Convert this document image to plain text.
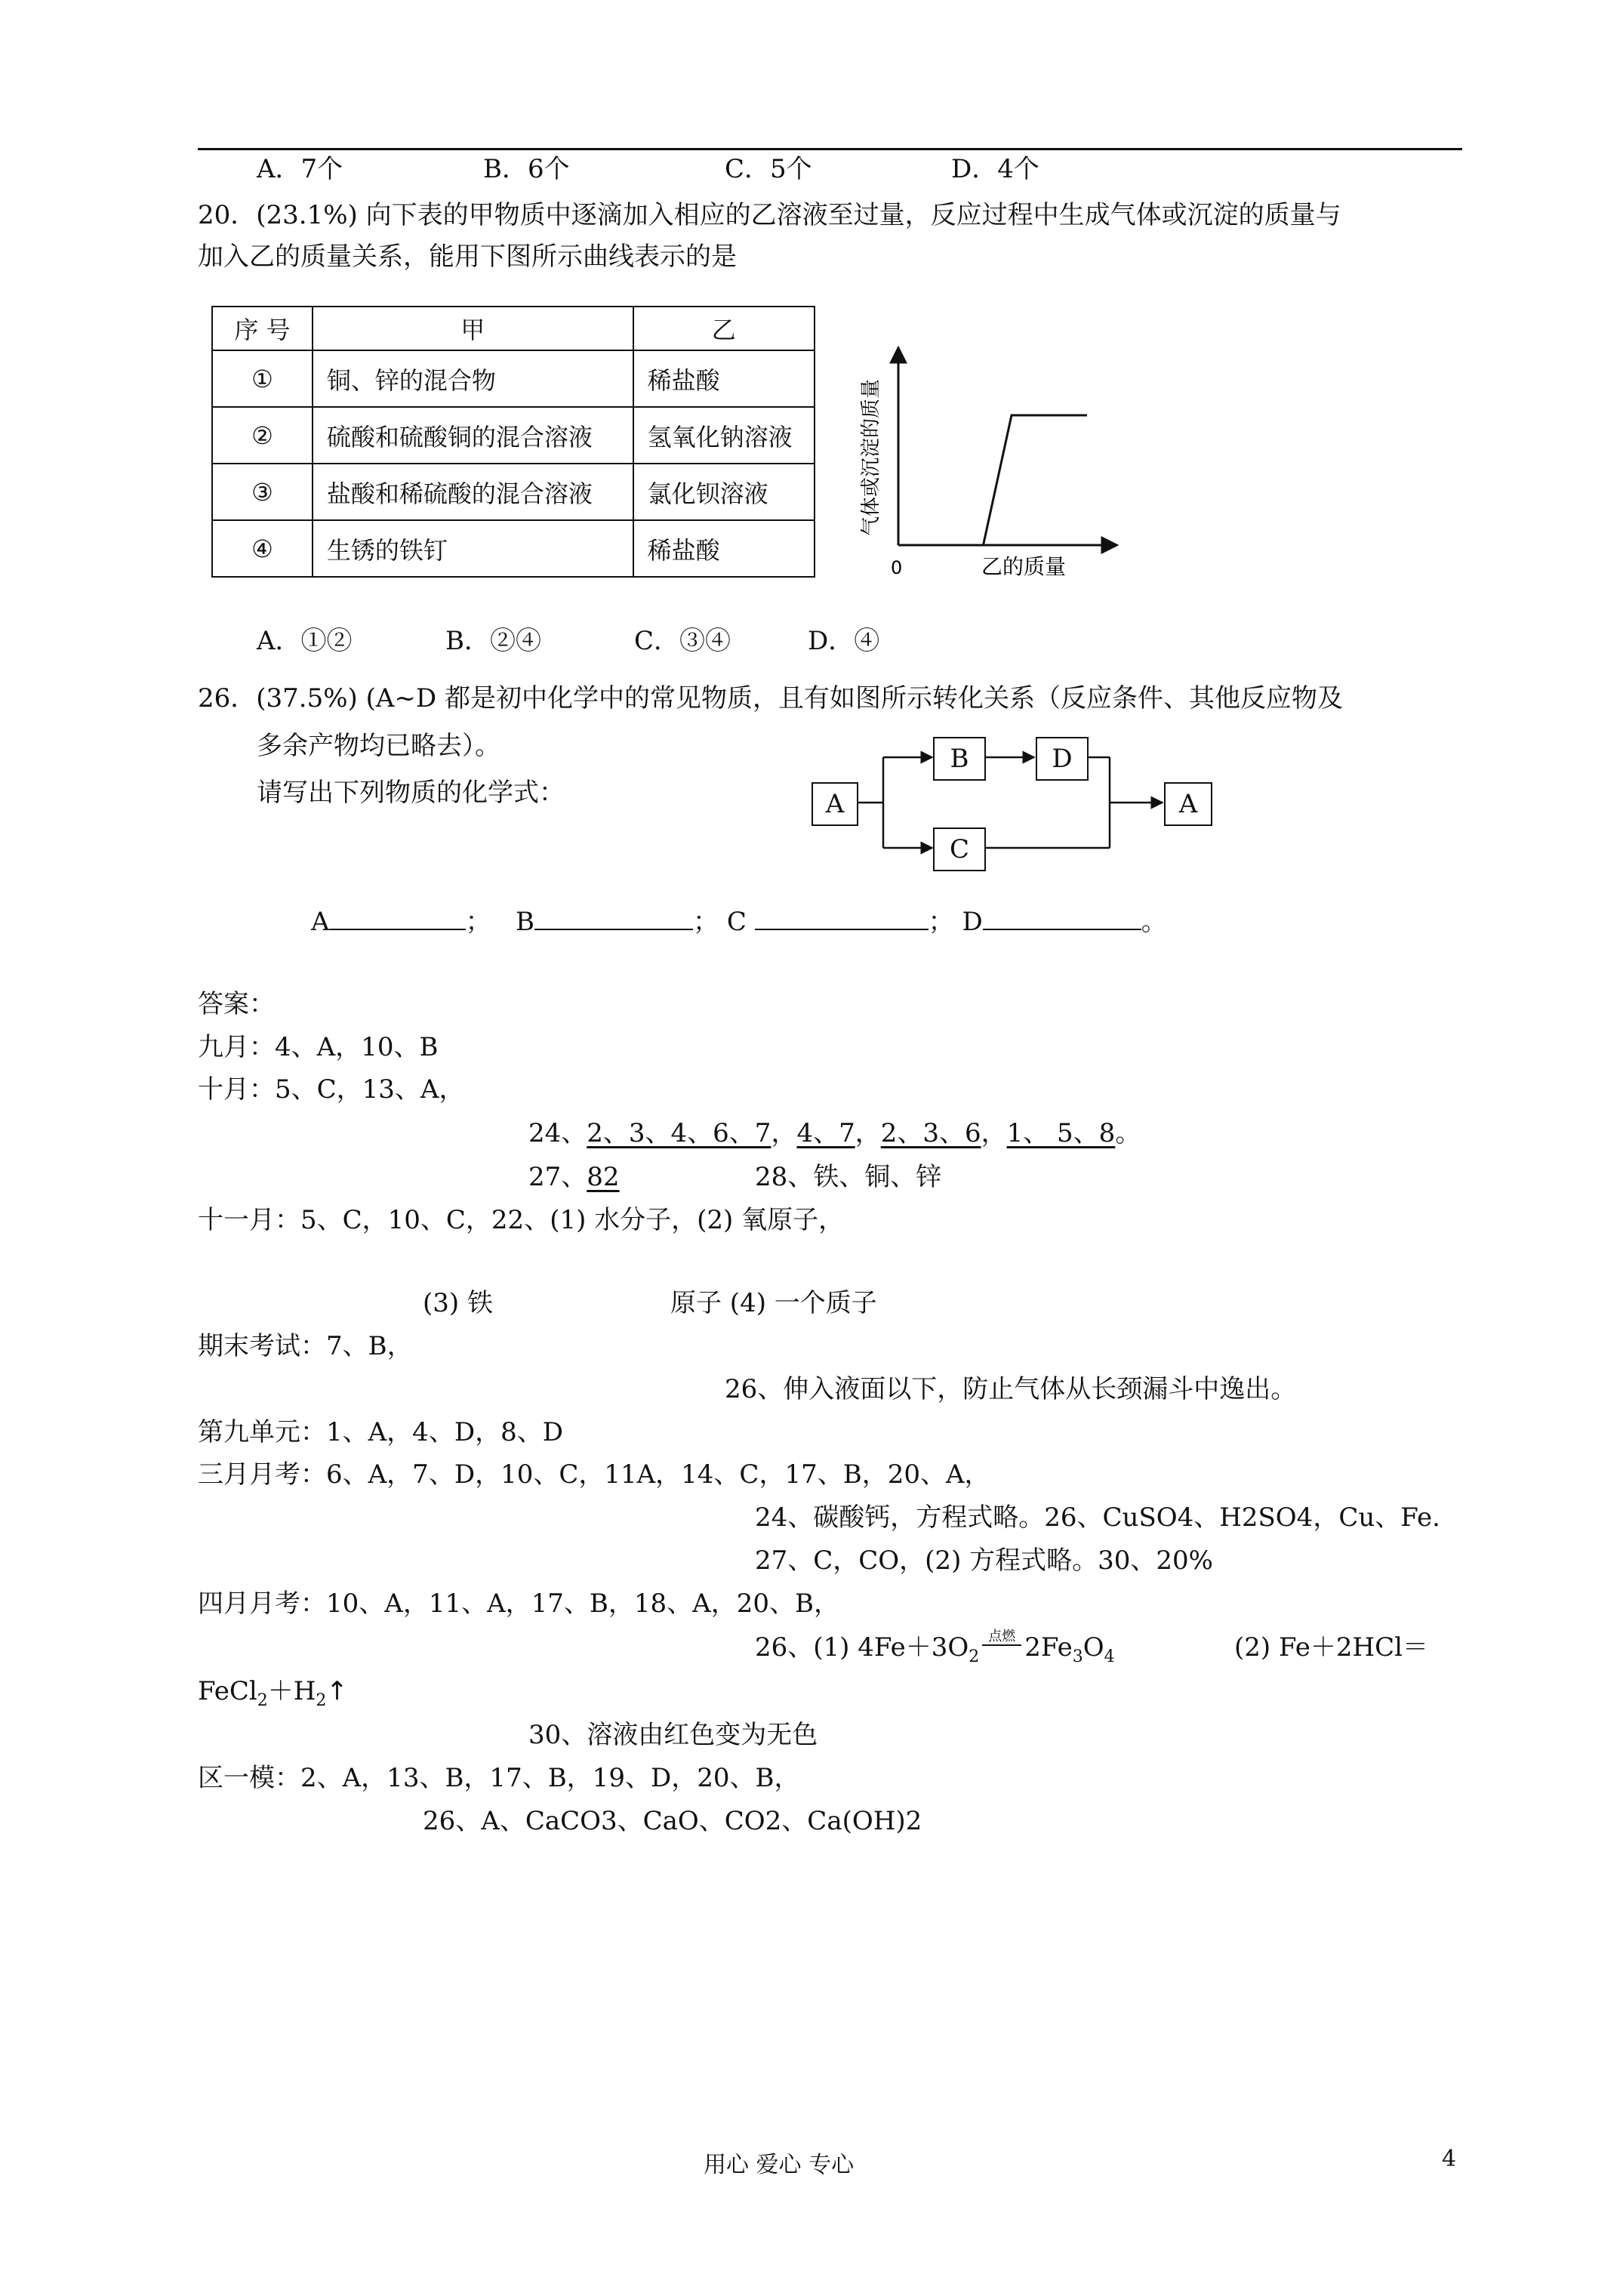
A．7个	B．6个	C．5个	D．4个
20．(23.1%) 向下表的甲物质中逐滴加入相应的乙溶液至过量，反应过程中生成气体或沉淀的质量与
加入乙的质量关系，能用下图所示曲线表示的是
序 号	甲	乙
①	铜、锌的混合物	稀盐酸
②	硫酸和硫酸铜的混合溶液	氢氧化钠溶液
③	盐酸和稀硫酸的混合溶液	氯化钡溶液
④	生锈的铁钉	稀盐酸
0	乙的质量
气体或沉淀的质量
A．①②	B．②④	C．③④	D．④
26．(37.5%) (A~D 都是初中化学中的常见物质，且有如图所示转化关系（反应条件、其他反应物及
多余产物均已略去）。
请写出下列物质的化学式：	A
B	D
C
A
A	； B	； C	； D	。
答案：
九月：4、A，10、B
十月：5、C，13、A，
24、2、3、4、6、7，4、7，2、3、6，1、 5、8。
27、82	28、铁、铜、锌
十一月：5、C，10、C，22、(1) 水分子，(2) 氧原子，
(3) 铁	原子 (4) 一个质子
期末考试：7、B，
26、伸入液面以下，防止气体从长颈漏斗中逸出。
第九单元：1、A，4、D，8、D
三月月考：6、A，7、D，10、C，11A，14、C，17、B，20、A，
24、碳酸钙，方程式略。26、CuSO4、H2SO4，Cu、Fe.
27、C，CO，(2) 方程式略。30、20%
四月月考：10、A，11、A，17、B，18、A，20、B，
26、(1) $4Fe+3O_2$
点燃 $2Fe_3O_4$	(2) Fe＋2HCl＝
$FeCl_2+H_2↑$
30、溶液由红色变为无色
区一模：2、A，13、B，17、B，19、D，20、B，
26、A、CaCO3、CaO、CO2、Ca(OH)2
用心 爱心 专心	4
